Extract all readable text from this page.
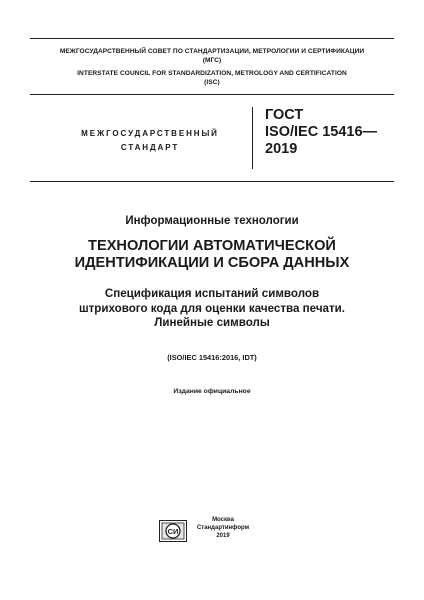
МЕЖГОСУДАРСТВЕННЫЙ СОВЕТ ПО СТАНДАРТИЗАЦИИ, МЕТРОЛОГИИ И СЕРТИФИКАЦИИ
(МГС)
INTERSTATE COUNCIL FOR STANDARDIZATION, METROLOGY AND CERTIFICATION
(ISC)
МЕЖГОСУДАРСТВЕННЫЙ
СТАНДАРТ
ГОСТ
ISO/IEC 15416—
2019
Информационные технологии
ТЕХНОЛОГИИ АВТОМАТИЧЕСКОЙ
ИДЕНТИФИКАЦИИ И СБОРА ДАННЫХ
Спецификация испытаний символов
штрихового кода для оценки качества печати.
Линейные символы
(ISO/IEC 15416:2016, IDT)
Издание официальное
СИ
Москва
Стандартинформ
2019
